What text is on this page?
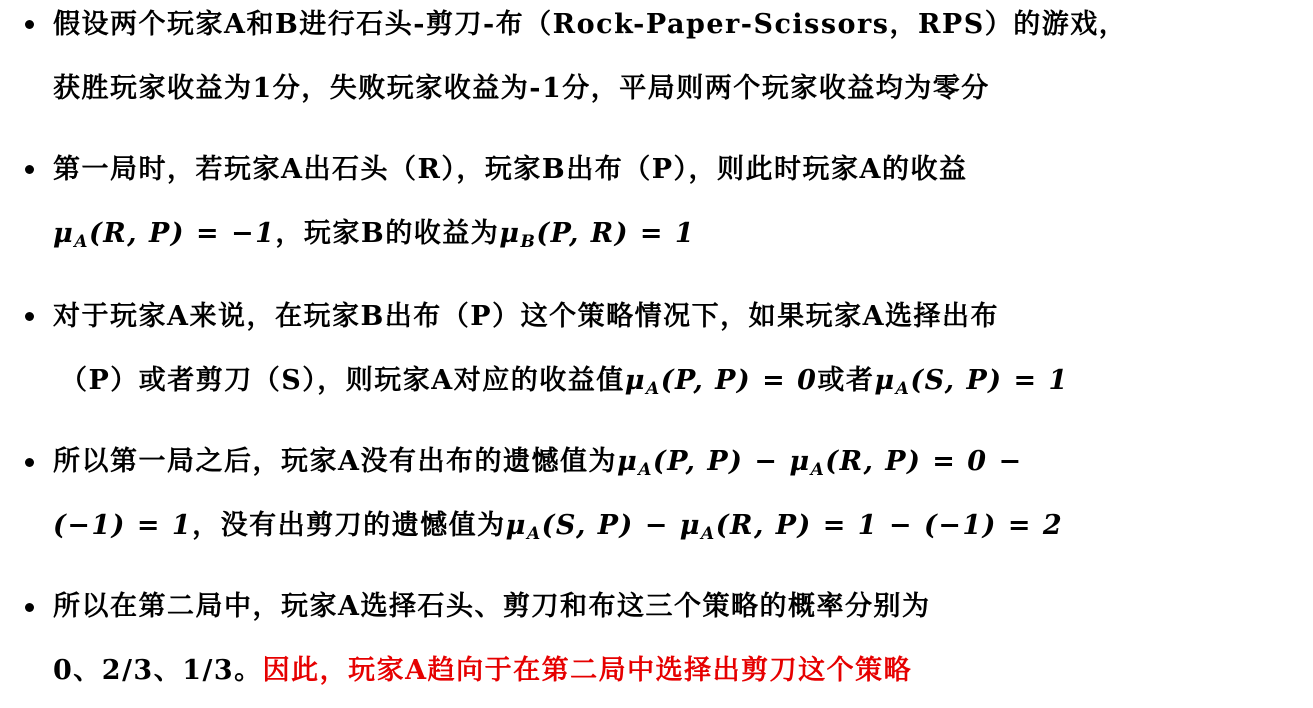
假设两个玩家A和B进行石头-剪刀-布（Rock-Paper-Scissors，RPS）的游戏，
获胜玩家收益为1分，失败玩家收益为-1分，平局则两个玩家收益均为零分
第一局时，若玩家A出石头（R），玩家B出布（P），则此时玩家A的收益
$\mu_A(R$, P) = −1，玩家B的收益为$\mu_B(P$, R) = 1
对于玩家A来说，在玩家B出布（P）这个策略情况下，如果玩家A选择出布
（P）或者剪刀（S），则玩家A对应的收益值$\mu_A(P$, P) = 0或者$\mu_A(S$, P) = 1
所以第一局之后，玩家A没有出布的遗憾值为$\mu_A(P$, $P) - \mu_A(R$, P) = 0 −
(−1) = 1，没有出剪刀的遗憾值为$\mu_A(S$, $P) - \mu_A(R$, P) = 1 − (−1) = 2
所以在第二局中，玩家A选择石头、剪刀和布这三个策略的概率分别为
0、2/3、1/3。因此，玩家A趋向于在第二局中选择出剪刀这个策略
